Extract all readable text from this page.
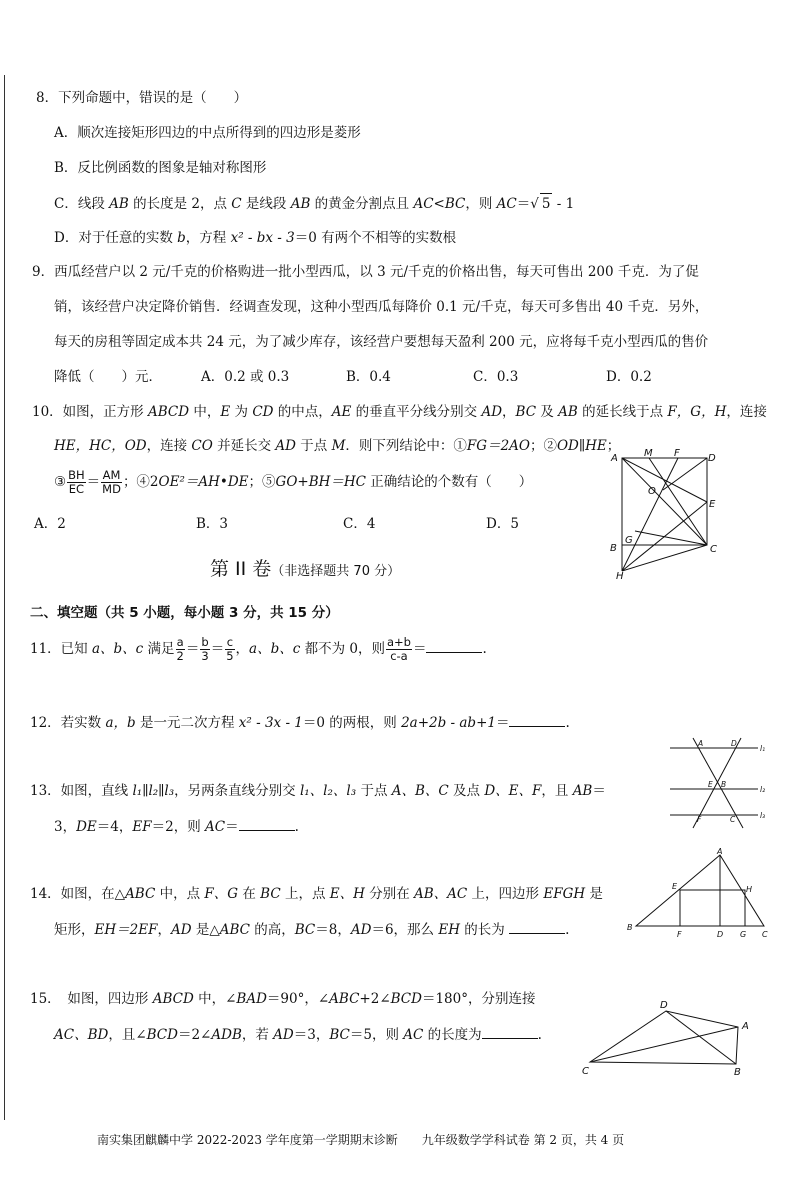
8．下列命题中，错误的是（　　）
A．顺次连接矩形四边的中点所得到的四边形是菱形
B．反比例函数的图象是轴对称图形
C．线段 AB 的长度是 2，点 C 是线段 AB 的黄金分割点且 AC<BC，则 AC＝√ 5 - 1
D．对于任意的实数 b，方程 x² - bx - 3＝0 有两个不相等的实数根
9．西瓜经营户以 2 元/千克的价格购进一批小型西瓜，以 3 元/千克的价格出售，每天可售出 200 千克．为了促
销，该经营户决定降价销售．经调查发现，这种小型西瓜每降价 0.1 元/千克，每天可多售出 40 千克．另外，
每天的房租等固定成本共 24 元，为了减少库存，该经营户要想每天盈利 200 元，应将每千克小型西瓜的售价
降低（　　）元．	A．0.2 或 0.3	B．0.4	C．0.3	D．0.2
10．如图，正方形 ABCD 中，E 为 CD 的中点，AE 的垂直平分线分别交 AD，BC 及 AB 的延长线于点 F，G，H，连接
HE，HC，OD，连接 CO 并延长交 AD 于点 M．则下列结论中：①FG＝2AO；②OD∥HE；
③ $\frac{BH}{EC} = \frac{AM}{MD}$ ；④2OE²＝AH•DE；⑤GO+BH＝HC 正确结论的个数有（　　）
A．2	B．3	C．4	D．5
A	M F	D
O
E
B
G
C
H
第 II 卷（非选择题共 70 分）
二、填空题（共 5 小题，每小题 3 分，共 15 分）
11．已知 a、b、c 满足 $\frac{a}{2} = \frac{b}{3} = \frac{c}{5}$ ，a、b、c 都不为 0，则 $\frac{a+b}{c-a}$ ＝	.
12．若实数 a，b 是一元二次方程 x² - 3x - 1＝0 的两根，则 2a+2b - ab+1＝	.
13．如图，直线 l₁∥l₂∥l₃，另两条直线分别交 l₁、l₂、l₃ 于点 A、B、C 及点 D、E、F，且 AB＝
3，DE＝4，EF＝2，则 AC＝	.
A	D
l₁
E B
l₂
F	C	l₃
14．如图，在△ABC 中，点 F、G 在 BC 上，点 E、H 分别在 AB、AC 上，四边形 EFGH 是
矩形，EH＝2EF，AD 是△ABC 的高，BC＝8，AD＝6，那么 EH 的长为	.
A
E	H
B
F	D G C
15．　如图，四边形 ABCD 中，∠BAD＝90°，∠ABC+2∠BCD＝180°，分别连接
AC、BD，且∠BCD＝2∠ADB，若 AD＝3，BC＝5，则 AC 的长度为	.
D
A
C	B
南实集团麒麟中学 2022-2023 学年度第一学期期末诊断　　九年级数学学科试卷 第 2 页，共 4 页
